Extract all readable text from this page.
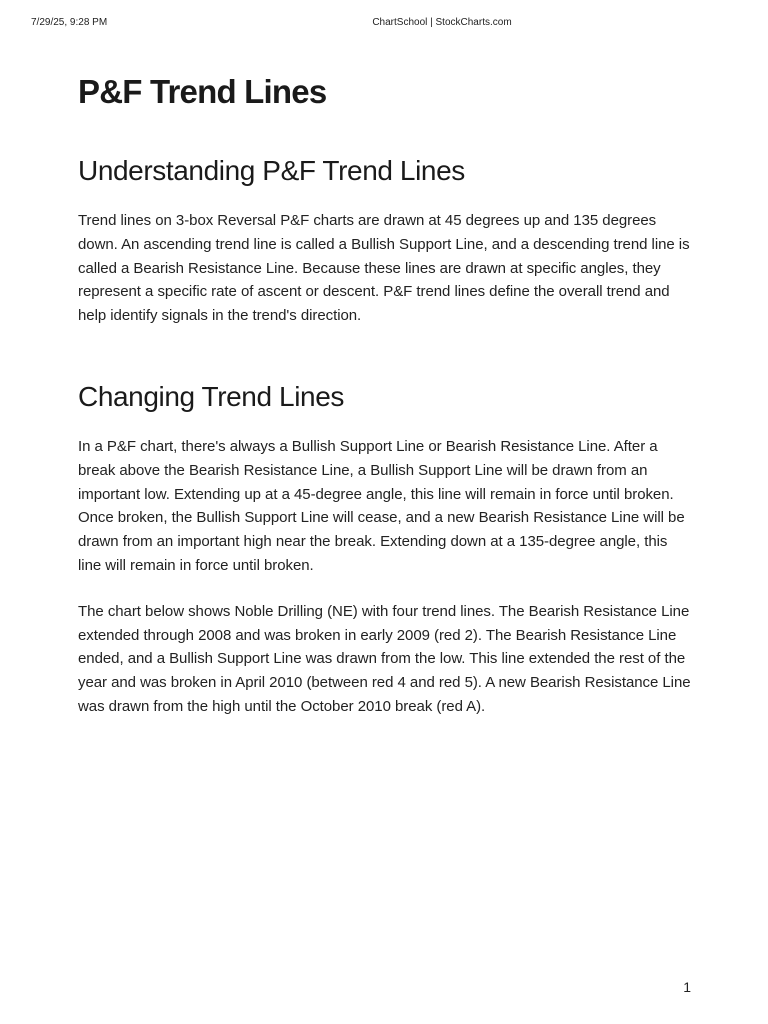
7/29/25, 9:28 PM	ChartSchool | StockCharts.com
P&F Trend Lines
Understanding P&F Trend Lines

Trend lines on 3-box Reversal P&F charts are drawn at 45 degrees up and 135 degrees down. An ascending trend line is called a Bullish Support Line, and a descending trend line is called a Bearish Resistance Line. Because these lines are drawn at specific angles, they represent a specific rate of ascent or descent. P&F trend lines define the overall trend and help identify signals in the trend's direction.

Changing Trend Lines

In a P&F chart, there's always a Bullish Support Line or Bearish Resistance Line. After a break above the Bearish Resistance Line, a Bullish Support Line will be drawn from an important low. Extending up at a 45-degree angle, this line will remain in force until broken. Once broken, the Bullish Support Line will cease, and a new Bearish Resistance Line will be drawn from an important high near the break. Extending down at a 135-degree angle, this line will remain in force until broken.

The chart below shows Noble Drilling (NE) with four trend lines. The Bearish Resistance Line extended through 2008 and was broken in early 2009 (red 2). The Bearish Resistance Line ended, and a Bullish Support Line was drawn from the low. This line extended the rest of the year and was broken in April 2010 (between red 4 and red 5). A new Bearish Resistance Line was drawn from the high until the October 2010 break (red A).

1
